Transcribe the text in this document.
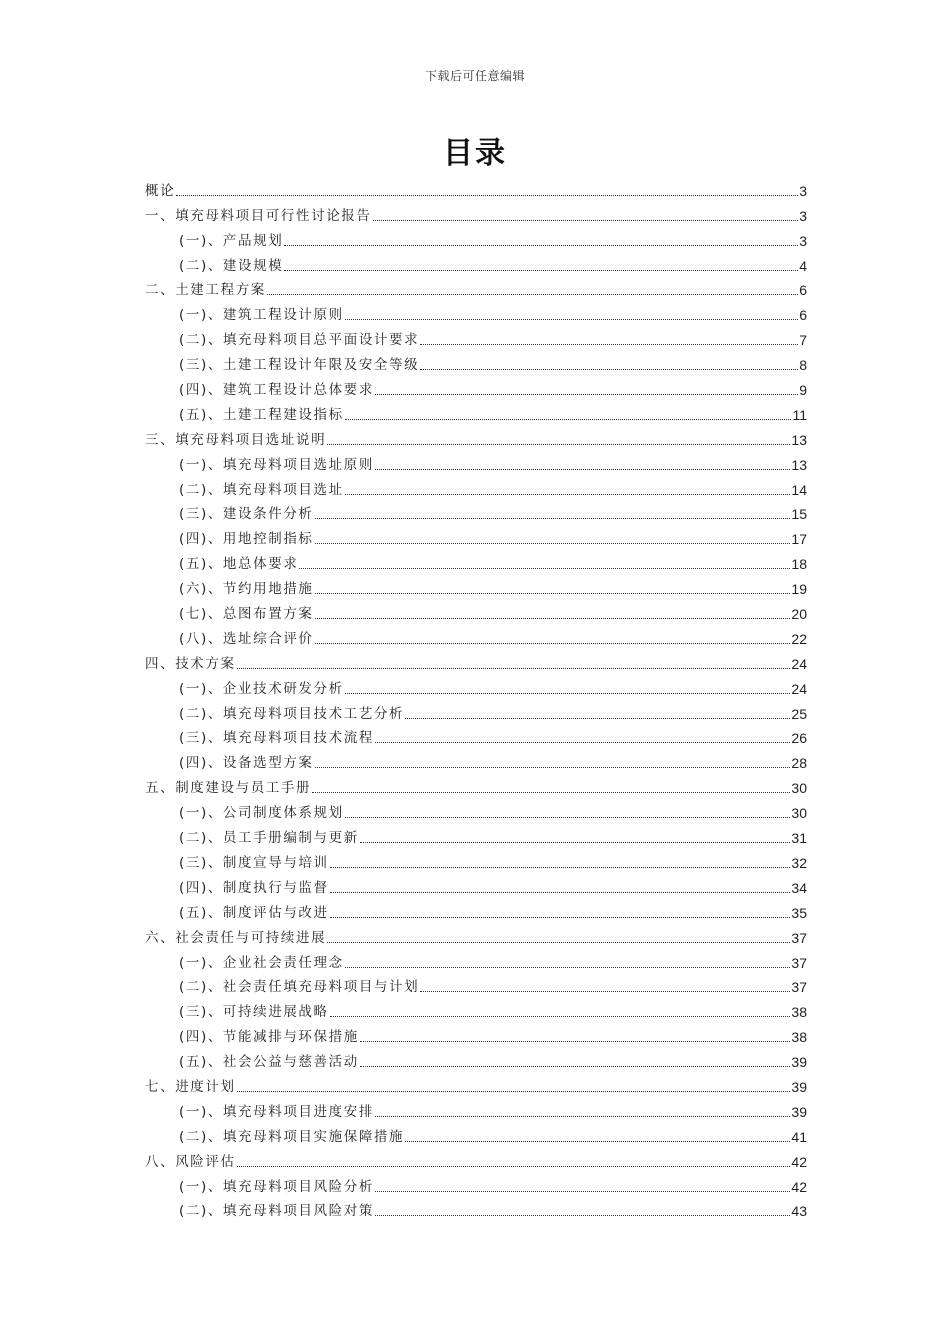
下载后可任意编辑
目录
概论	3
一、填充母料项目可行性讨论报告	3
(一)、产品规划	3
(二)、建设规模	4
二、土建工程方案	6
(一)、建筑工程设计原则	6
(二)、填充母料项目总平面设计要求	7
(三)、土建工程设计年限及安全等级	8
(四)、建筑工程设计总体要求	9
(五)、土建工程建设指标	11
三、填充母料项目选址说明	13
(一)、填充母料项目选址原则	13
(二)、填充母料项目选址	14
(三)、建设条件分析	15
(四)、用地控制指标	17
(五)、地总体要求	18
(六)、节约用地措施	19
(七)、总图布置方案	20
(八)、选址综合评价	22
四、技术方案	24
(一)、企业技术研发分析	24
(二)、填充母料项目技术工艺分析	25
(三)、填充母料项目技术流程	26
(四)、设备选型方案	28
五、制度建设与员工手册	30
(一)、公司制度体系规划	30
(二)、员工手册编制与更新	31
(三)、制度宣导与培训	32
(四)、制度执行与监督	34
(五)、制度评估与改进	35
六、社会责任与可持续进展	37
(一)、企业社会责任理念	37
(二)、社会责任填充母料项目与计划	37
(三)、可持续进展战略	38
(四)、节能减排与环保措施	38
(五)、社会公益与慈善活动	39
七、进度计划	39
(一)、填充母料项目进度安排	39
(二)、填充母料项目实施保障措施	41
八、风险评估	42
(一)、填充母料项目风险分析	42
(二)、填充母料项目风险对策	43
